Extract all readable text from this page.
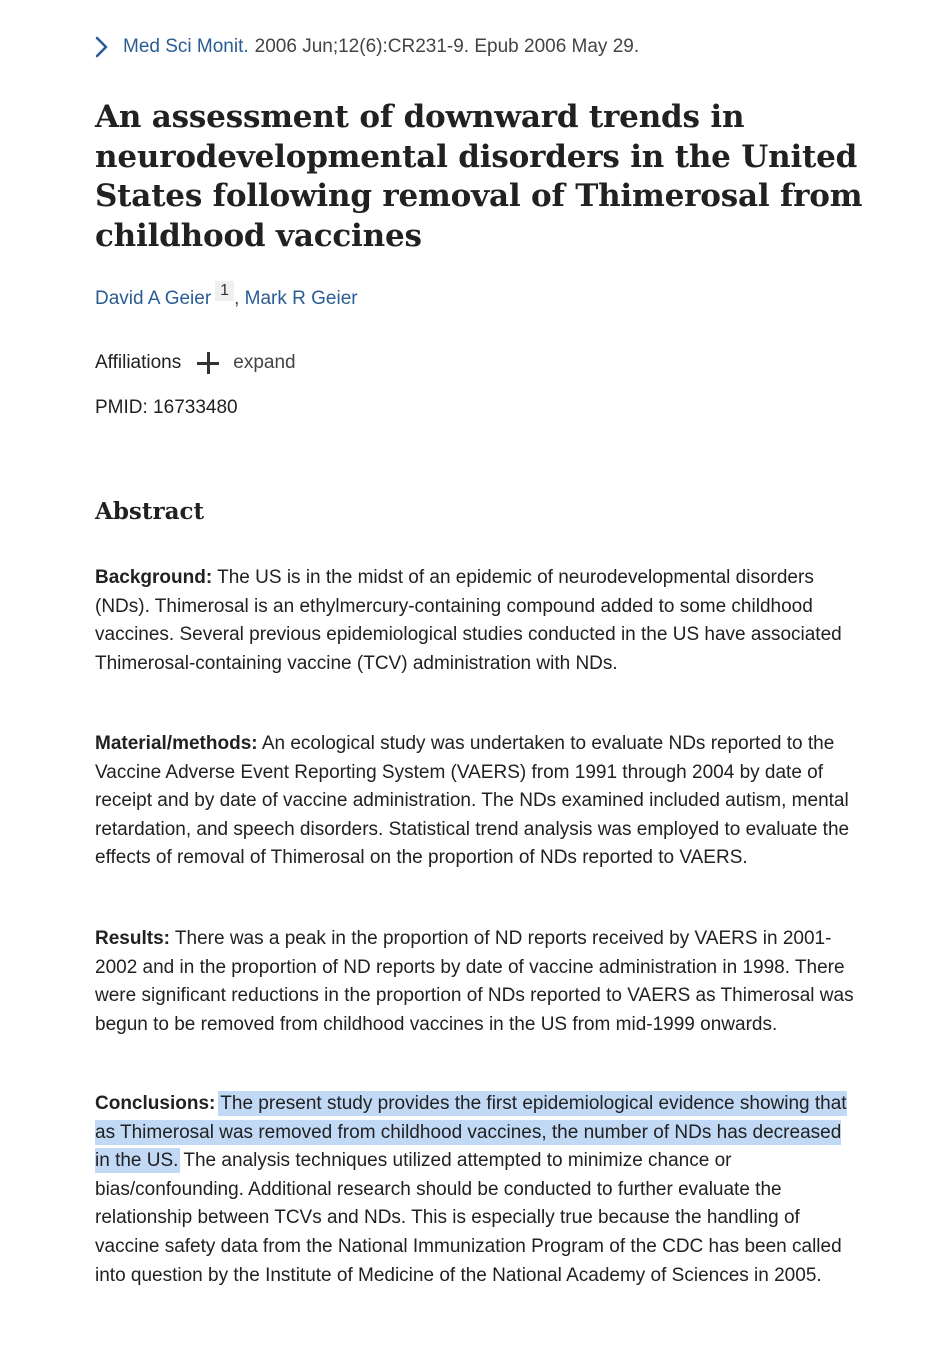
Med Sci Monit. 2006 Jun;12(6):CR231-9. Epub 2006 May 29.
An assessment of downward trends in neurodevelopmental disorders in the United States following removal of Thimerosal from childhood vaccines
David A Geier 1 , Mark R Geier
Affiliations	expand
PMID: 16733480
Abstract

Background: The US is in the midst of an epidemic of neurodevelopmental disorders (NDs). Thimerosal is an ethylmercury-containing compound added to some childhood vaccines. Several previous epidemiological studies conducted in the US have associated Thimerosal-containing vaccine (TCV) administration with NDs.

Material/methods: An ecological study was undertaken to evaluate NDs reported to the Vaccine Adverse Event Reporting System (VAERS) from 1991 through 2004 by date of receipt and by date of vaccine administration. The NDs examined included autism, mental retardation, and speech disorders. Statistical trend analysis was employed to evaluate the effects of removal of Thimerosal on the proportion of NDs reported to VAERS.

Results: There was a peak in the proportion of ND reports received by VAERS in 2001-2002 and in the proportion of ND reports by date of vaccine administration in 1998. There were significant reductions in the proportion of NDs reported to VAERS as Thimerosal was begun to be removed from childhood vaccines in the US from mid-1999 onwards.

Conclusions: The present study provides the first epidemiological evidence showing that as Thimerosal was removed from childhood vaccines, the number of NDs has decreased in the US. The analysis techniques utilized attempted to minimize chance or bias/confounding. Additional research should be conducted to further evaluate the relationship between TCVs and NDs. This is especially true because the handling of vaccine safety data from the National Immunization Program of the CDC has been called into question by the Institute of Medicine of the National Academy of Sciences in 2005.
